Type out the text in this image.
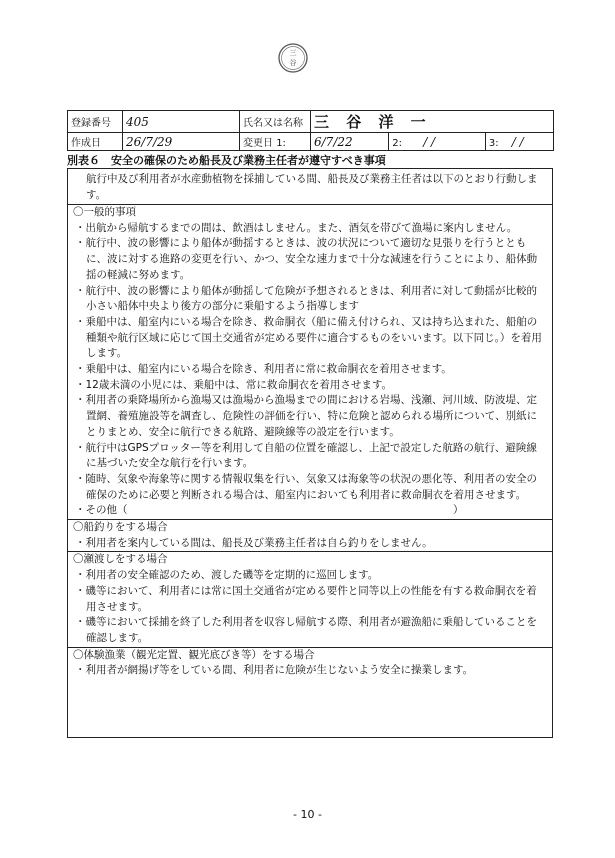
三
谷
登録番号	405	氏名又は名称	三 谷 洋 一		
作成日	26/7/29	変更日 1:	6/7/22	2: / /	3: / /
別表６　安全の確保のため船長及び業務主任者が遵守すべき事項
航行中及び利用者が水産動植物を採捕している間、船長及び業務主任者は以下のとおり行動します。
〇一般的事項
・出航から帰航するまでの間は、飲酒はしません。また、酒気を帯びて漁場に案内しません。
・航行中、波の影響により船体が動揺するときは、波の状況について適切な見張りを行うとともに、波に対する進路の変更を行い、かつ、安全な速力まで十分な減速を行うことにより、船体動揺の軽減に努めます。
・航行中、波の影響により船体が動揺して危険が予想されるときは、利用者に対して動揺が比較的小さい船体中央より後方の部分に乗船するよう指導します
・乗船中は、船室内にいる場合を除き、救命胴衣（船に備え付けられ、又は持ち込まれた、船舶の種類や航行区域に応じて国土交通省が定める要件に適合するものをいいます。以下同じ。）を着用します。
・乗船中は、船室内にいる場合を除き、利用者に常に救命胴衣を着用させます。
・12歳未満の小児には、乗船中は、常に救命胴衣を着用させます。
・利用者の乗降場所から漁場又は漁場から漁場までの間における岩場、浅瀬、河川域、防波堤、定置網、養殖施設等を調査し、危険性の評価を行い、特に危険と認められる場所について、別紙にとりまとめ、安全に航行できる航路、避険線等の設定を行います。
・航行中はGPSプロッター等を利用して自船の位置を確認し、上記で設定した航路の航行、避険線に基づいた安全な航行を行います。
・随時、気象や海象等に関する情報収集を行い、気象又は海象等の状況の悪化等、利用者の安全の確保のために必要と判断される場合は、船室内においても利用者に救命胴衣を着用させます。
・その他（　　　　　　　　　　　　　　　　　　　　　　　　　　　　　　　）
〇船釣りをする場合
・利用者を案内している間は、船長及び業務主任者は自ら釣りをしません。
〇瀬渡しをする場合
・利用者の安全確認のため、渡した磯等を定期的に巡回します。
・磯等において、利用者には常に国土交通省が定める要件と同等以上の性能を有する救命胴衣を着用させます。
・磯等において採捕を終了した利用者を収容し帰航する際、利用者が避漁船に乗船していることを確認します。
〇体験漁業（観光定置、観光底びき等）をする場合
・利用者が網揚げ等をしている間、利用者に危険が生じないよう安全に操業します。
- 10 -
